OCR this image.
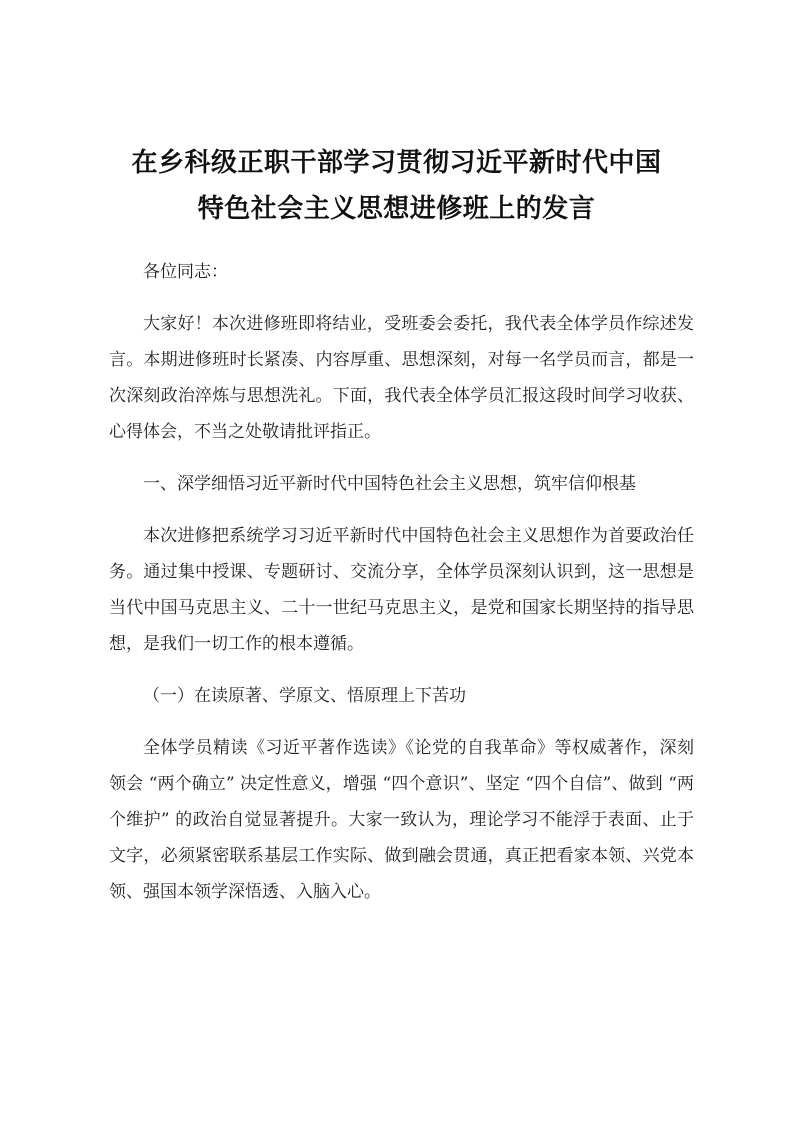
在乡科级正职干部学习贯彻习近平新时代中国
特色社会主义思想进修班上的发言

各位同志：

大家好！本次进修班即将结业，受班委会委托，我代表全体学员作综述发言。本期进修班时长紧凑、内容厚重、思想深刻，对每一名学员而言，都是一次深刻政治淬炼与思想洗礼。下面，我代表全体学员汇报这段时间学习收获、心得体会，不当之处敬请批评指正。

一、深学细悟习近平新时代中国特色社会主义思想，筑牢信仰根基

本次进修把系统学习习近平新时代中国特色社会主义思想作为首要政治任务。通过集中授课、专题研讨、交流分享，全体学员深刻认识到，这一思想是当代中国马克思主义、二十一世纪马克思主义，是党和国家长期坚持的指导思想，是我们一切工作的根本遵循。

（一）在读原著、学原文、悟原理上下苦功

全体学员精读《习近平著作选读》《论党的自我革命》等权威著作，深刻领会 “两个确立” 决定性意义，增强 “四个意识”、坚定 “四个自信”、做到 “两个维护” 的政治自觉显著提升。大家一致认为，理论学习不能浮于表面、止于文字，必须紧密联系基层工作实际、做到融会贯通，真正把看家本领、兴党本领、强国本领学深悟透、入脑入心。
